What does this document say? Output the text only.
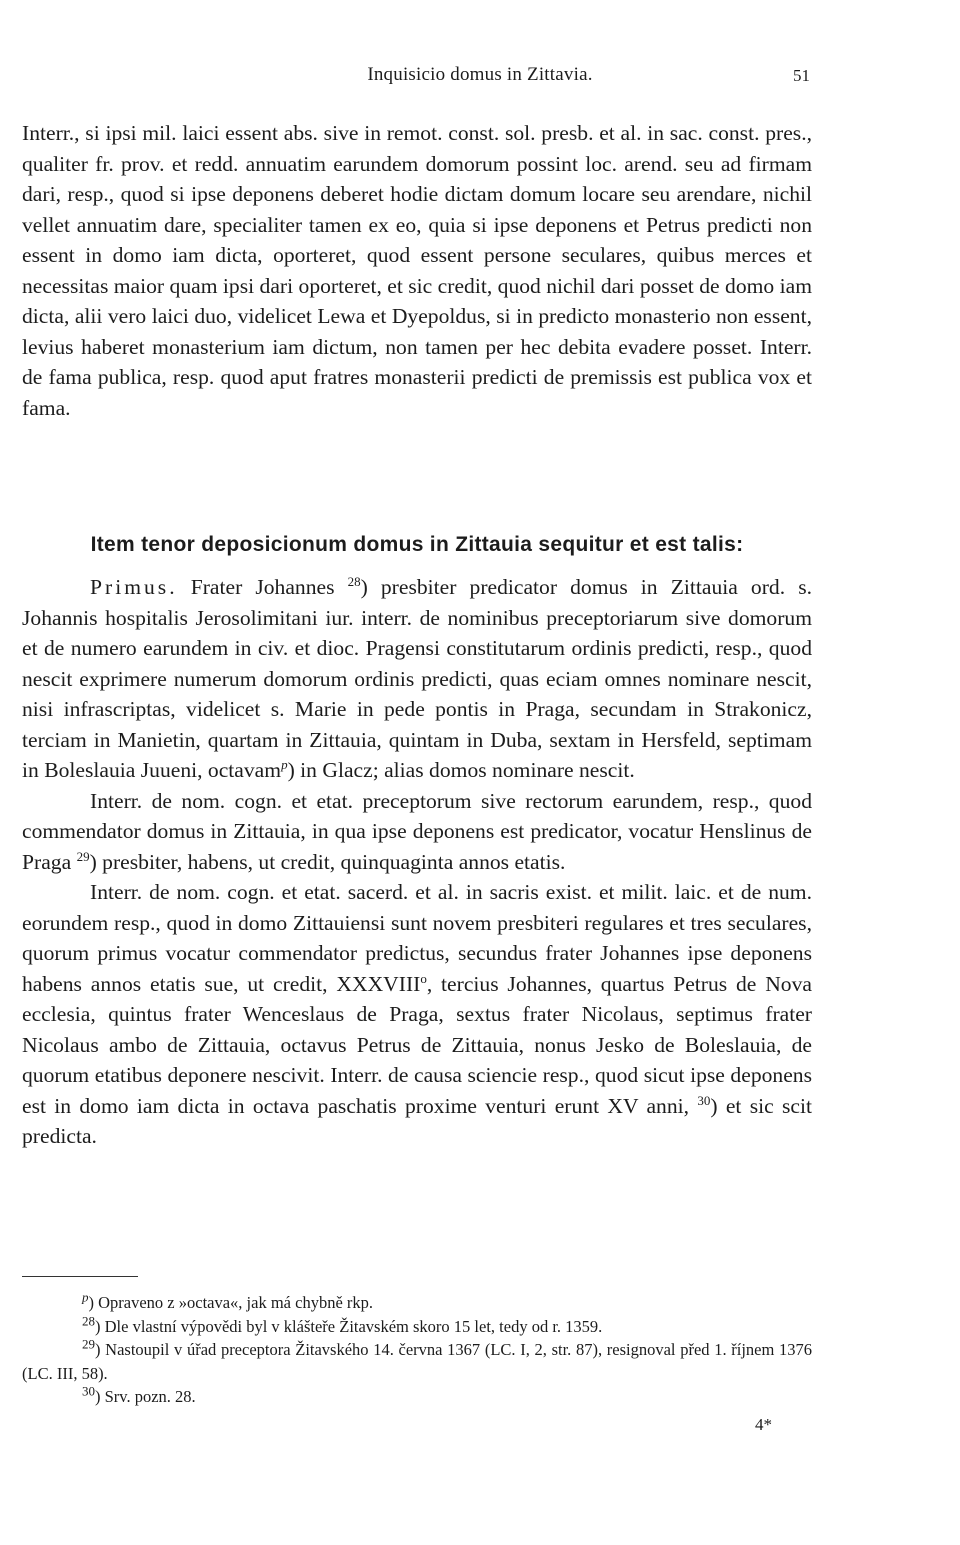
Inquisicio domus in Zittavia.	51

Interr., si ipsi mil. laici essent abs. sive in remot. const. sol. presb. et al. in sac. const. pres., qualiter fr. prov. et redd. annuatim earundem domorum possint loc. arend. seu ad firmam dari, resp., quod si ipse deponens deberet hodie dictam domum locare seu arendare, nichil vellet annuatim dare, specialiter tamen ex eo, quia si ipse deponens et Petrus predicti non essent in domo iam dicta, oporteret, quod essent persone seculares, quibus merces et necessitas maior quam ipsi dari oporteret, et sic credit, quod nichil dari posset de domo iam dicta, alii vero laici duo, videlicet Lewa et Dyepoldus, si in predicto monasterio non essent, levius haberet monasterium iam dictum, non tamen per hec debita evadere posset. Interr. de fama publica, resp. quod aput fratres monasterii predicti de premissis est publica vox et fama.

Item tenor deposicionum domus in Zittauia sequitur et est talis:

Primus. Frater Johannes $^{28}$) presbiter predicator domus in Zittauia ord. s. Johannis hospitalis Jerosolimitani iur. interr. de nominibus preceptoriarum sive domorum et de numero earundem in civ. et dioc. Pragensi constitutarum ordinis predicti, resp., quod nescit exprimere numerum domorum ordinis predicti, quas eciam omnes nominare nescit, nisi infrascriptas, videlicet s. Marie in pede pontis in Praga, secundam in Strakonicz, terciam in Manietin, quartam in Zittauia, quintam in Duba, sextam in Hersfeld, septimam in Boleslauia Juueni, octavam$^p$) in Glacz; alias domos nominare nescit.

Interr. de nom. cogn. et etat. preceptorum sive rectorum earundem, resp., quod commendator domus in Zittauia, in qua ipse deponens est predicator, vocatur Henslinus de Praga $^{29}$) presbiter, habens, ut credit, quinquaginta annos etatis.

Interr. de nom. cogn. et etat. sacerd. et al. in sacris exist. et milit. laic. et de num. eorundem resp., quod in domo Zittauiensi sunt novem presbiteri regulares et tres seculares, quorum primus vocatur commendator predictus, secundus frater Johannes ipse deponens habens annos etatis sue, ut credit, XXXVIII$^o$, tercius Johannes, quartus Petrus de Nova ecclesia, quintus frater Wenceslaus de Praga, sextus frater Nicolaus, septimus frater Nicolaus ambo de Zittauia, octavus Petrus de Zittauia, nonus Jesko de Boleslauia, de quorum etatibus deponere nescivit. Interr. de causa sciencie resp., quod sicut ipse deponens est in domo iam dicta in octava paschatis proxime venturi erunt XV anni, $^{30}$) et sic scit predicta.

$^p$) Opraveno z »octava«, jak má chybně rkp.

$^{28}$) Dle vlastní výpovědi byl v klášteře Žitavském skoro 15 let, tedy od r. 1359.

$^{29}$) Nastoupil v úřad preceptora Žitavského 14. června 1367 (LC. I, 2, str. 87), resignoval před 1. říjnem 1376 (LC. III, 58).

$^{30}$) Srv. pozn. 28.

4*
